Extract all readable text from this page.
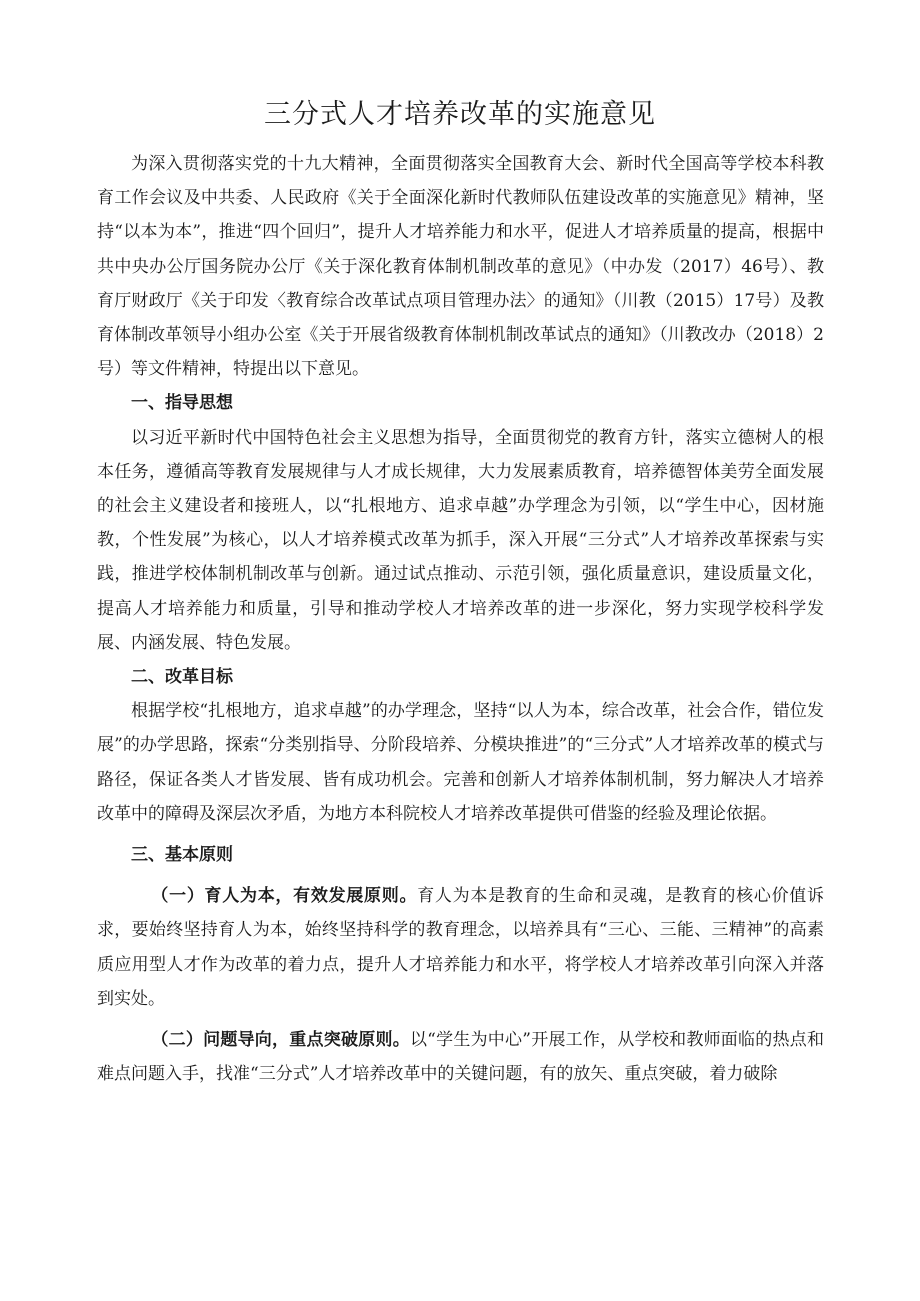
三分式人才培养改革的实施意见

为深入贯彻落实党的十九大精神，全面贯彻落实全国教育大会、新时代全国高等学校本科教育工作会议及中共委、人民政府《关于全面深化新时代教师队伍建设改革的实施意见》精神，坚持“以本为本”，推进“四个回归”，提升人才培养能力和水平，促进人才培养质量的提高，根据中共中央办公厅国务院办公厅《关于深化教育体制机制改革的意见》（中办发（2017）46号）、教育厅财政厅《关于印发〈教育综合改革试点项目管理办法〉的通知》（川教（2015）17号）及教育体制改革领导小组办公室《关于开展省级教育体制机制改革试点的通知》（川教改办（2018）2号）等文件精神，特提出以下意见。

一、指导思想

以习近平新时代中国特色社会主义思想为指导，全面贯彻党的教育方针，落实立德树人的根本任务，遵循高等教育发展规律与人才成长规律，大力发展素质教育，培养德智体美劳全面发展的社会主义建设者和接班人，以“扎根地方、追求卓越”办学理念为引领，以“学生中心，因材施教，个性发展”为核心，以人才培养模式改革为抓手，深入开展“三分式”人才培养改革探索与实践，推进学校体制机制改革与创新。通过试点推动、示范引领，强化质量意识，建设质量文化，提高人才培养能力和质量，引导和推动学校人才培养改革的进一步深化，努力实现学校科学发展、内涵发展、特色发展。

二、改革目标

根据学校“扎根地方，追求卓越”的办学理念，坚持“以人为本，综合改革，社会合作，错位发展”的办学思路，探索“分类别指导、分阶段培养、分模块推进”的“三分式”人才培养改革的模式与路径，保证各类人才皆发展、皆有成功机会。完善和创新人才培养体制机制，努力解决人才培养改革中的障碍及深层次矛盾，为地方本科院校人才培养改革提供可借鉴的经验及理论依据。

三、基本原则

（一）育人为本，有效发展原则。育人为本是教育的生命和灵魂，是教育的核心价值诉求，要始终坚持育人为本，始终坚持科学的教育理念，以培养具有“三心、三能、三精神”的高素质应用型人才作为改革的着力点，提升人才培养能力和水平，将学校人才培养改革引向深入并落到实处。

（二）问题导向，重点突破原则。以“学生为中心”开展工作，从学校和教师面临的热点和难点问题入手，找准“三分式”人才培养改革中的关键问题，有的放矢、重点突破，着力破除
